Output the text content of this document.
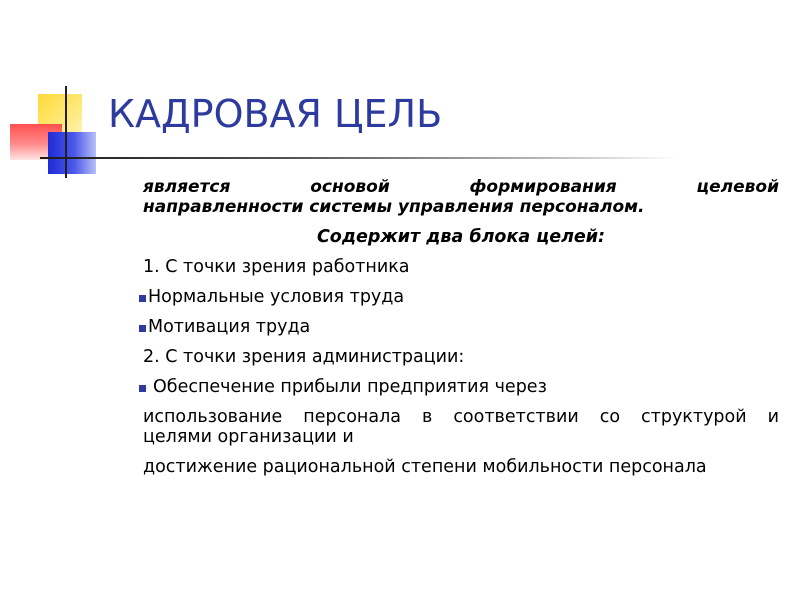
КАДРОВАЯ ЦЕЛЬ

является основой формирования целевой
направленности системы управления персоналом.

Содержит два блока целей:

1. С точки зрения работника

Нормальные условия труда
Мотивация труда

2. С точки зрения администрации:

Обеспечение прибыли предприятия через

использование персонала в соответствии со структурой и
целями организации и

достижение рациональной степени мобильности персонала
